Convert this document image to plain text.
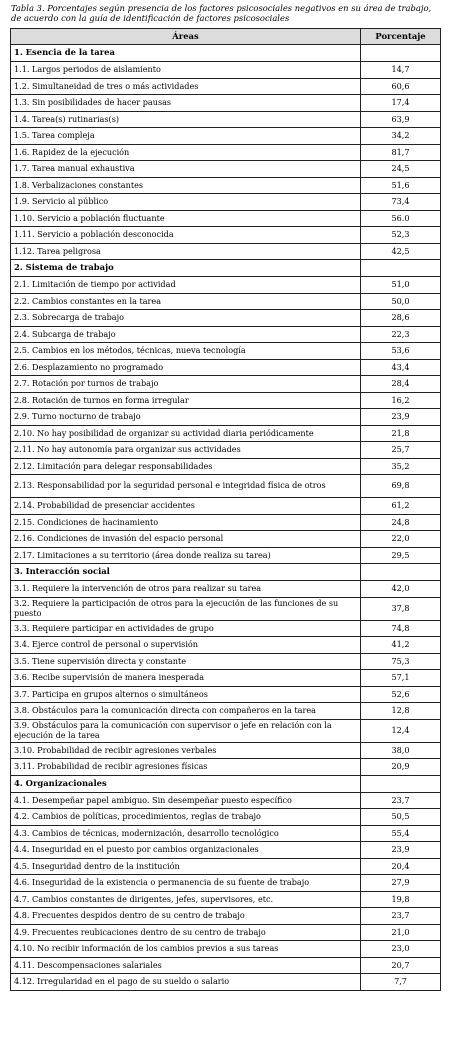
Tabla 3. Porcentajes según presencia de los factores psicosociales negativos en su área de trabajo, de acuerdo con la guía de identificación de factores psicosociales
Áreas	Porcentaje
1. Esencia de la tarea	
1.1. Largos periodos de aislamiento	14,7
1.2. Simultaneidad de tres o más actividades	60,6
1.3. Sin posibilidades de hacer pausas	17,4
1.4. Tarea(s) rutinarias(s)	63,9
1.5. Tarea compleja	34,2
1.6. Rapidez de la ejecución	81,7
1.7. Tarea manual exhaustiva	24,5
1.8. Verbalizaciones constantes	51,6
1.9. Servicio al público	73,4
1.10. Servicio a población fluctuante	56.0
1.11. Servicio a población desconocida	52,3
1.12. Tarea peligrosa	42,5
2. Sistema de trabajo	
2.1. Limitación de tiempo por actividad	51,0
2.2. Cambios constantes en la tarea	50,0
2.3. Sobrecarga de trabajo	28,6
2.4. Subcarga de trabajo	22,3
2.5. Cambios en los métodos, técnicas, nueva tecnología	53,6
2.6. Desplazamiento no programado	43,4
2.7. Rotación por turnos de trabajo	28,4
2.8. Rotación de turnos en forma irregular	16,2
2.9. Turno nocturno de trabajo	23,9
2.10. No hay posibilidad de organizar su actividad diaria periódicamente	21,8
2.11. No hay autonomía para organizar sus actividades	25,7
2.12. Limitación para delegar responsabilidades	35,2
2.13. Responsabilidad por la seguridad personal e integridad física de otros	69,8
2.14. Probabilidad de presenciar accidentes	61,2
2.15. Condiciones de hacinamiento	24,8
2.16. Condiciones de invasión del espacio personal	22,0
2.17. Limitaciones a su territorio (área donde realiza su tarea)	29,5
3. Interacción social	
3.1. Requiere la intervención de otros para realizar su tarea	42,0
3.2. Requiere la participación de otros para la ejecución de las funciones de su puesto	37,8
3.3. Requiere participar en actividades de grupo	74,8
3.4. Ejerce control de personal o supervisión	41,2
3.5. Tiene supervisión directa y constante	75,3
3.6. Recibe supervisión de manera inesperada	57,1
3.7. Participa en grupos alternos o simultáneos	52,6
3.8. Obstáculos para la comunicación directa con compañeros en la tarea	12,8
3.9. Obstáculos para la comunicación con supervisor o jefe en relación con la ejecución de la tarea	12,4
3.10. Probabilidad de recibir agresiones verbales	38,0
3.11. Probabilidad de recibir agresiones físicas	20,9
4. Organizacionales	
4.1. Desempeñar papel ambiguo. Sin desempeñar puesto específico	23,7
4.2. Cambios de políticas, procedimientos, reglas de trabajo	50,5
4.3. Cambios de técnicas, modernización, desarrollo tecnológico	55,4
4.4. Inseguridad en el puesto por cambios organizacionales	23,9
4.5. Inseguridad dentro de la institución	20,4
4.6. Inseguridad de la existencia o permanencia de su fuente de trabajo	27,9
4.7. Cambios constantes de dirigentes, jefes, supervisores, etc.	19,8
4.8. Frecuentes despidos dentro de su centro de trabajo	23,7
4.9. Frecuentes reubicaciones dentro de su centro de trabajo	21,0
4.10. No recibir información de los cambios previos a sus tareas	23,0
4.11. Descompensaciones salariales	20,7
4.12. Irregularidad en el pago de su sueldo o salario	7,7
